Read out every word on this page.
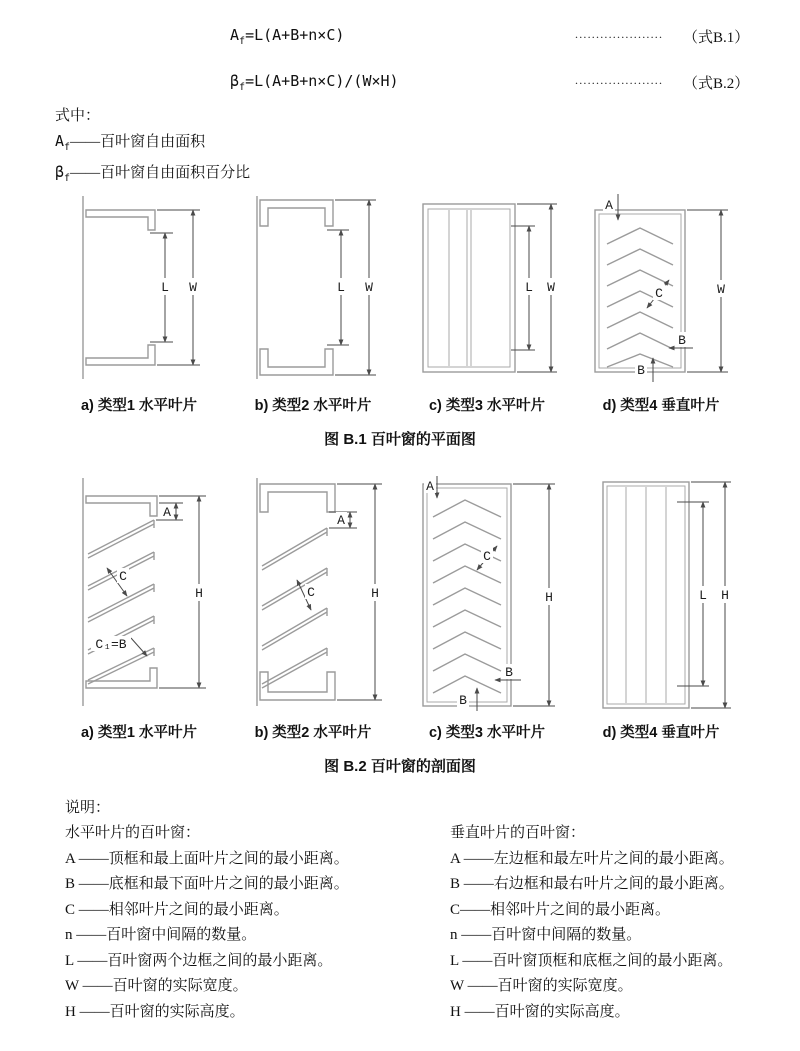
$A_f=L(A+B+n\times C)$	..................... （式B.1）
$\beta_f=L(A+B+n\times C)/(W\times H)$	..................... （式B.2）
式中：
$A_f——$百叶窗自由面积
$\beta_f——$百叶窗自由面积百分比
L W	L W	L W
A
C
B
B
W
a) 类型1 水平叶片	b) 类型2 水平叶片	c) 类型3 水平叶片	d) 类型4 垂直叶片
图 B.1 百叶窗的平面图
A
C
C₁=B
H
A
C	H
A
C
B
B
H	L H
a) 类型1 水平叶片	b) 类型2 水平叶片	c) 类型3 水平叶片	d) 类型4 垂直叶片
图 B.2 百叶窗的剖面图
说明：
水平叶片的百叶窗：
A ——顶框和最上面叶片之间的最小距离。
B ——底框和最下面叶片之间的最小距离。
C ——相邻叶片之间的最小距离。
n ——百叶窗中间隔的数量。
L ——百叶窗两个边框之间的最小距离。
W ——百叶窗的实际宽度。
H ——百叶窗的实际高度。
垂直叶片的百叶窗：
A ——左边框和最左叶片之间的最小距离。
B ——右边框和最右叶片之间的最小距离。
C——相邻叶片之间的最小距离。
n ——百叶窗中间隔的数量。
L ——百叶窗顶框和底框之间的最小距离。
W ——百叶窗的实际宽度。
H ——百叶窗的实际高度。
